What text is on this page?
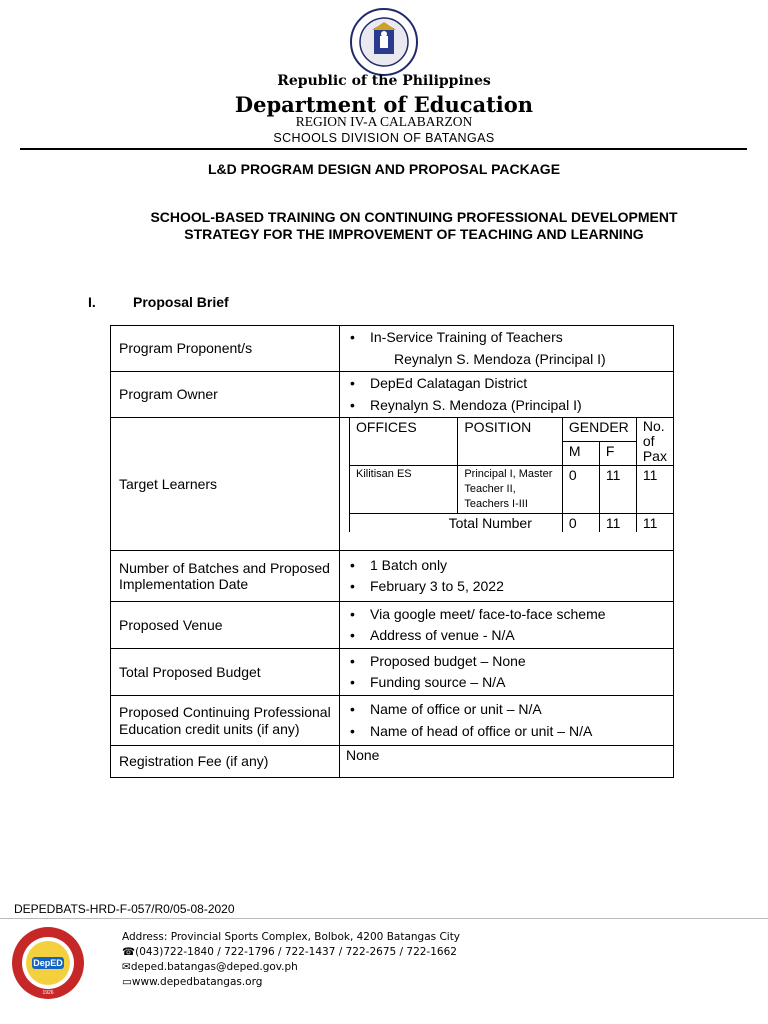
Republic of the Philippines
Department of Education
REGION IV-A CALABARZON
SCHOOLS DIVISION OF BATANGAS
L&D PROGRAM DESIGN AND PROPOSAL PACKAGE
SCHOOL-BASED TRAINING ON CONTINUING PROFESSIONAL DEVELOPMENT STRATEGY FOR THE IMPROVEMENT OF TEACHING AND LEARNING
I.	Proposal Brief
Program Proponent/s	
• In-Service Training of Teachers
Reynalyn S. Mendoza (Principal I)

Program Owner	
• DepEd Calatagan District
• Reynalyn S. Mendoza (Principal I)

Target Learners	
OFFICES	POSITION	GENDER	No. of Pax
M	F
Kilitisan ES	Principal I, Master Teacher II, Teachers I-III	0	11	11
Total Number	0	11	11

Number of Batches and Proposed Implementation Date	
• 1 Batch only
• February 3 to 5, 2022

Proposed Venue	
• Via google meet/ face-to-face scheme
• Address of venue - N/A

Total Proposed Budget	
• Proposed budget – None
• Funding source – N/A

Proposed Continuing Professional Education credit units (if any)	
• Name of office or unit – N/A
• Name of head of office or unit – N/A

Registration Fee (if any)	None
DEPEDBATS-HRD-F-057/R0/05-08-2020
DepED
1926
Address: Provincial Sports Complex, Bolbok, 4200 Batangas City
☎(043)722-1840 / 722-1796 / 722-1437 / 722-2675 / 722-1662
✉deped.batangas@deped.gov.ph
▭www.depedbatangas.org
